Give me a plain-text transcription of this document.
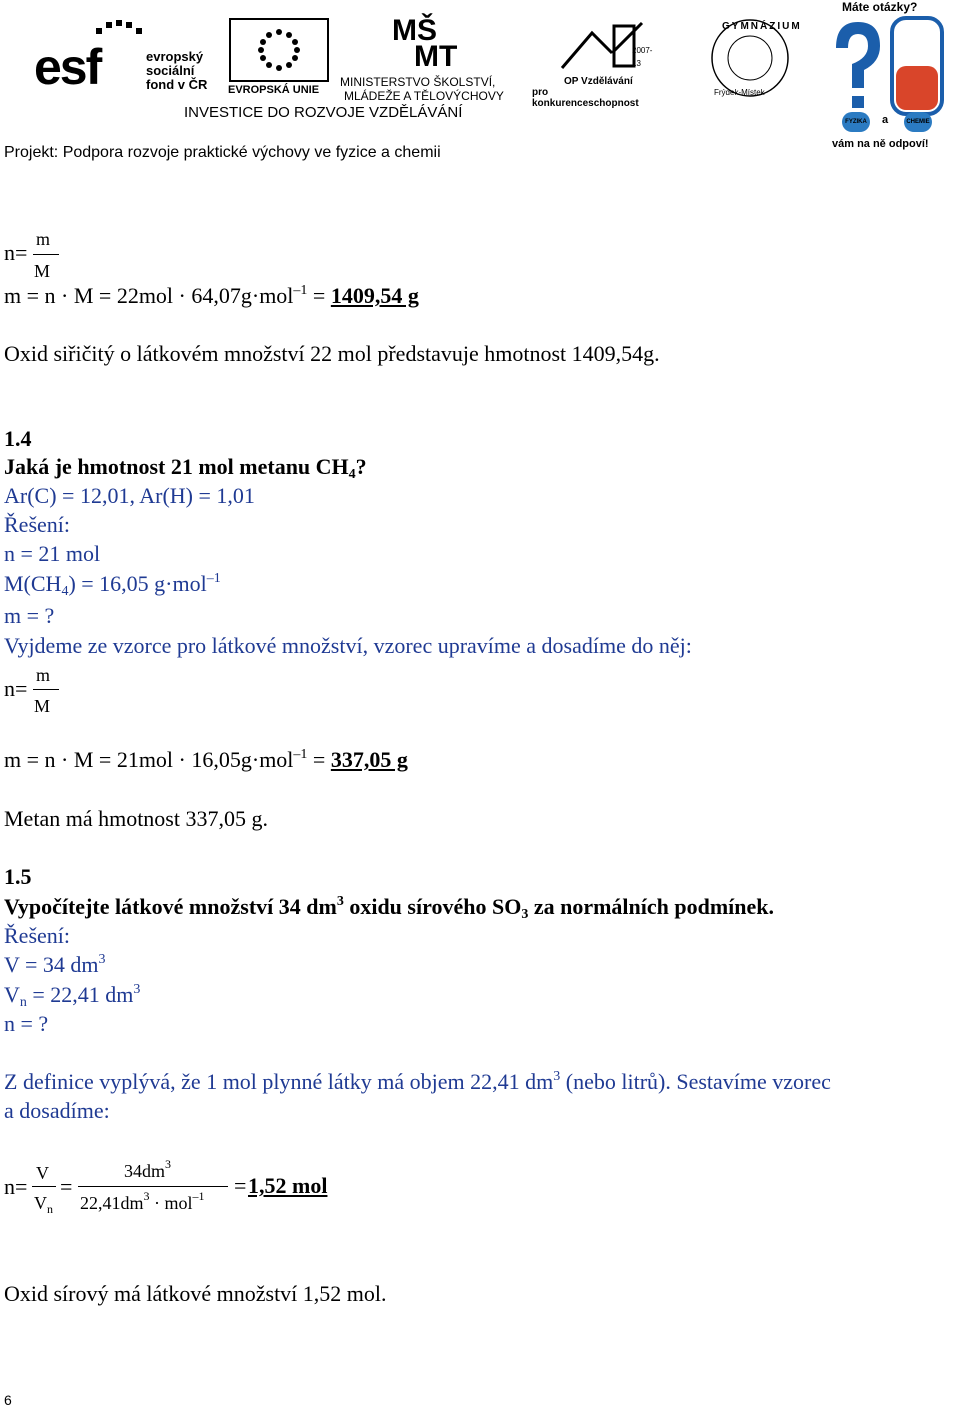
esf	evropský
sociální
fond v ČR EVROPSKÁ UNIE
MŠ
MT
MINISTERSTVO ŠKOLSTVÍ,
MLÁDEŽE A TĚLOVÝCHOVY
OP Vzdělávání
pro konkurenceschopnost
2007-13
GYMNÁZIUM
Frýdek-Místek
Máte otázky?
FYZIKA a	CHEMIE
vám na ně odpoví!
INVESTICE DO ROZVOJE VZDĚLÁVÁNÍ
Projekt: Podpora rozvoje praktické výchovy ve fyzice a chemii
n=
m
M
m = n · M = 22mol · 64,07g·mol$^{-1}$ = 1409,54 g
Oxid siřičitý o látkovém množství 22 mol představuje hmotnost 1409,54g.
1.4
Jaká je hmotnost 21 mol metanu $CH_4$?
Ar(C) = 12,01, Ar(H) = 1,01
Řešení:
n = 21 mol
$M(CH_4) = 16,05$ g·mol$^{-1}$
m = ?
Vyjdeme ze vzorce pro látkové množství, vzorec upravíme a dosadíme do něj:
n=
m
M
m = n · M = 21mol · 16,05g·mol$^{-1}$ = 337,05 g
Metan má hmotnost 337,05 g.
1.5
Vypočítejte látkové množství 34 $dm^3$ oxidu sírového $SO_3$ za normálních podmínek.
Řešení:
V = 34 $dm^3$
$V_n = 22,41$ $dm^3$
n = ?
Z definice vyplývá, že 1 mol plynné látky má objem 22,41 $dm^3$ (nebo litrů). Sestavíme vzorec
a dosadíme:
n=
V
$V_n$
=
$34dm^3$
$22,41dm^3 \cdot mol^{-1} = 1,52$ mol
Oxid sírový má látkové množství 1,52 mol.
6
